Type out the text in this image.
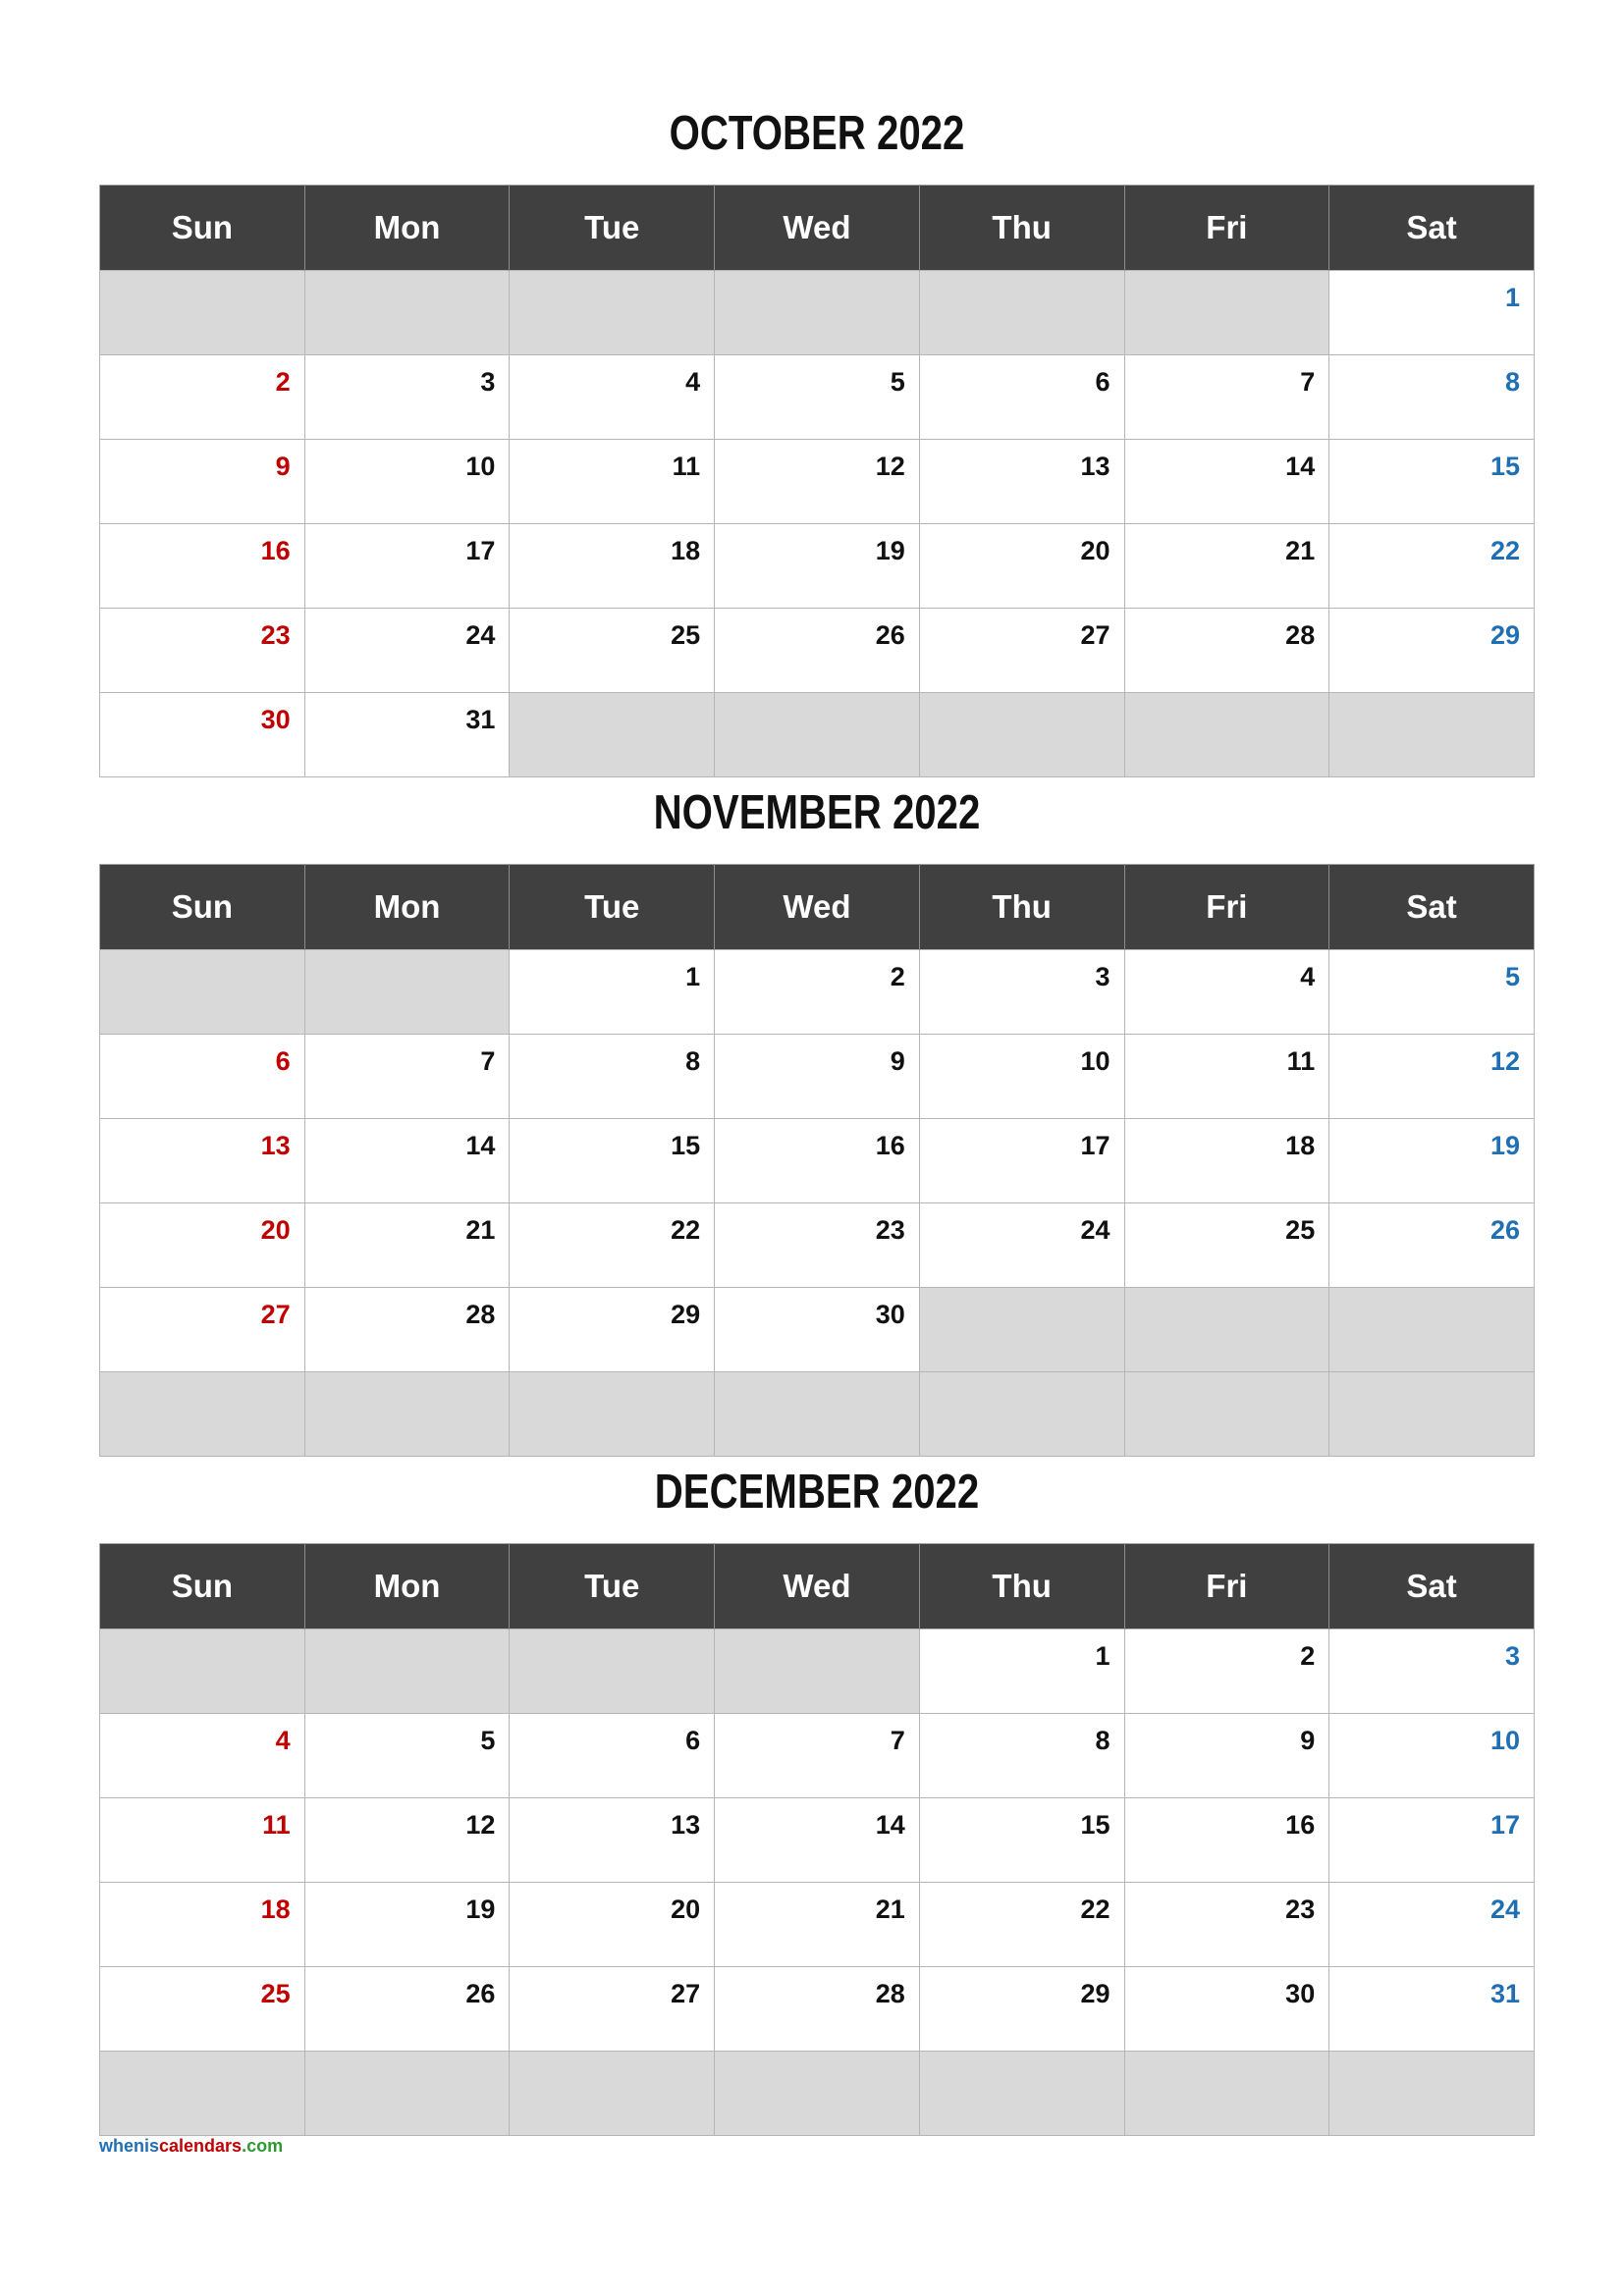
OCTOBER 2022
Sun	Mon	Tue	Wed	Thu	Fri	Sat
						1
2	3	4	5	6	7	8
9	10	11	12	13	14	15
16	17	18	19	20	21	22
23	24	25	26	27	28	29
30	31					
NOVEMBER 2022
Sun	Mon	Tue	Wed	Thu	Fri	Sat
		1	2	3	4	5
6	7	8	9	10	11	12
13	14	15	16	17	18	19
20	21	22	23	24	25	26
27	28	29	30			

DECEMBER 2022
Sun	Mon	Tue	Wed	Thu	Fri	Sat
				1	2	3
4	5	6	7	8	9	10
11	12	13	14	15	16	17
18	19	20	21	22	23	24
25	26	27	28	29	30	31

wheniscalendars.com
